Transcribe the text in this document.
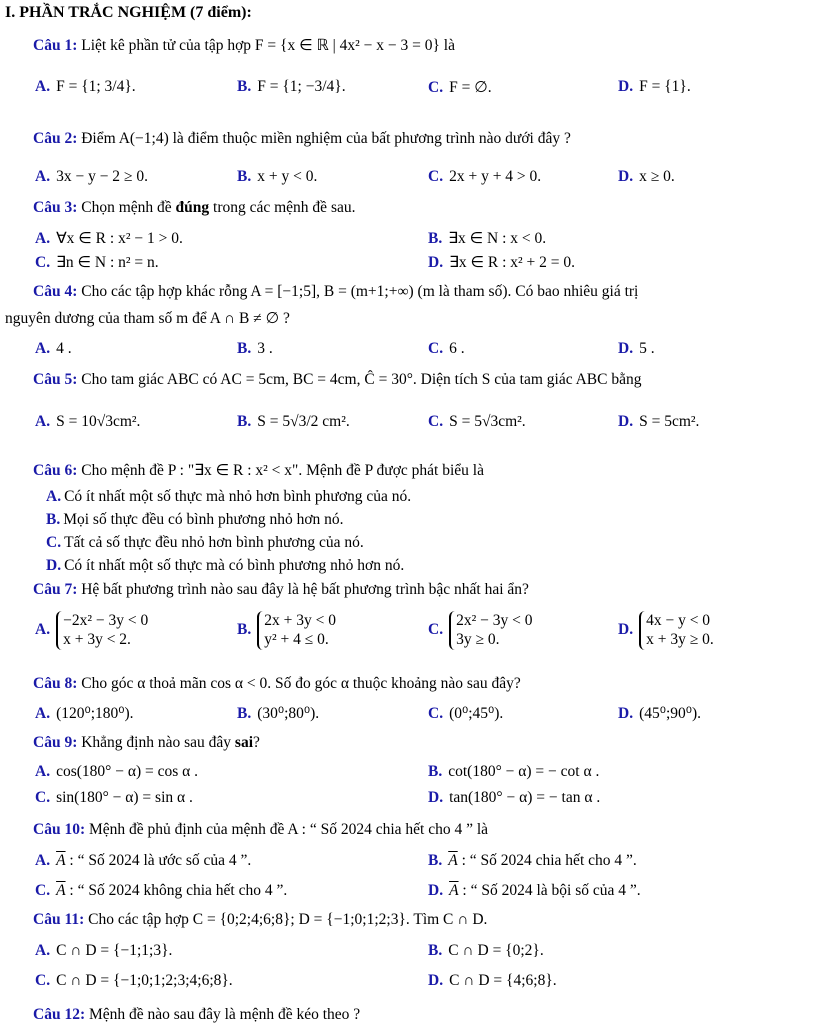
I. PHẦN TRẮC NGHIỆM (7 điểm):
Câu 1: Liệt kê phần tử của tập hợp F = {x ∈ ℝ | 4x² − x − 3 = 0} là
A. F = {1; 3/4}.	B. F = {1; −3/4}.	C. F = ∅.	D. F = {1}.
Câu 2: Điểm A(−1;4) là điểm thuộc miền nghiệm của bất phương trình nào dưới đây ?
A. 3x − y − 2 ≥ 0.	B. x + y < 0.	C. 2x + y + 4 > 0.	D. x ≥ 0.
Câu 3: Chọn mệnh đề đúng trong các mệnh đề sau.
A. ∀x ∈ R : x² − 1 > 0.	B. ∃x ∈ N : x < 0.
C. ∃n ∈ N : n² = n.	D. ∃x ∈ R : x² + 2 = 0.
Câu 4: Cho các tập hợp khác rỗng A = [−1;5], B = (m+1;+∞) (m là tham số). Có bao nhiêu giá trị
nguyên dương của tham số m để A ∩ B ≠ ∅ ?
A. 4 .	B. 3 .	C. 6 .	D. 5 .
Câu 5: Cho tam giác ABC có AC = 5cm, BC = 4cm, Ĉ = 30°. Diện tích S của tam giác ABC bằng
A. S = 10√3cm².	B. S = 5√3/2 cm².	C. S = 5√3cm².	D. S = 5cm².
Câu 6: Cho mệnh đề P : "∃x ∈ R : x² < x". Mệnh đề P được phát biểu là
A. Có ít nhất một số thực mà nhỏ hơn bình phương của nó.
B. Mọi số thực đều có bình phương nhỏ hơn nó.
C. Tất cả số thực đều nhỏ hơn bình phương của nó.
D. Có ít nhất một số thực mà có bình phương nhỏ hơn nó.
Câu 7: Hệ bất phương trình nào sau đây là hệ bất phương trình bậc nhất hai ẩn?
A.
−2x² − 3y < 0
x + 3y < 2.
B.
2x + 3y < 0
y² + 4 ≤ 0.
C.
2x² − 3y < 0
3y ≥ 0.
D.
4x − y < 0
x + 3y ≥ 0.
Câu 8: Cho góc α thoả mãn cos α < 0. Số đo góc α thuộc khoảng nào sau đây?
A. (120⁰;180⁰).	B. (30⁰;80⁰).	C. (0⁰;45⁰).	D. (45⁰;90⁰).
Câu 9: Khẳng định nào sau đây sai?
A. cos(180° − α) = cos α .	B. cot(180° − α) = − cot α .
C. sin(180° − α) = sin α .	D. tan(180° − α) = − tan α .
Câu 10: Mệnh đề phủ định của mệnh đề A : “ Số 2024 chia hết cho 4 ” là
A. $\overline{A}$ : “ Số 2024 là ước số của 4 ”.	B. $\overline{A}$ : “ Số 2024 chia hết cho 4 ”.
C. $\overline{A}$ : “ Số 2024 không chia hết cho 4 ”.	D. $\overline{A}$ : “ Số 2024 là bội số của 4 ”.
Câu 11: Cho các tập hợp C = {0;2;4;6;8}; D = {−1;0;1;2;3}. Tìm C ∩ D.
A. C ∩ D = {−1;1;3}.	B. C ∩ D = {0;2}.
C. C ∩ D = {−1;0;1;2;3;4;6;8}.	D. C ∩ D = {4;6;8}.
Câu 12: Mệnh đề nào sau đây là mệnh đề kéo theo ?
